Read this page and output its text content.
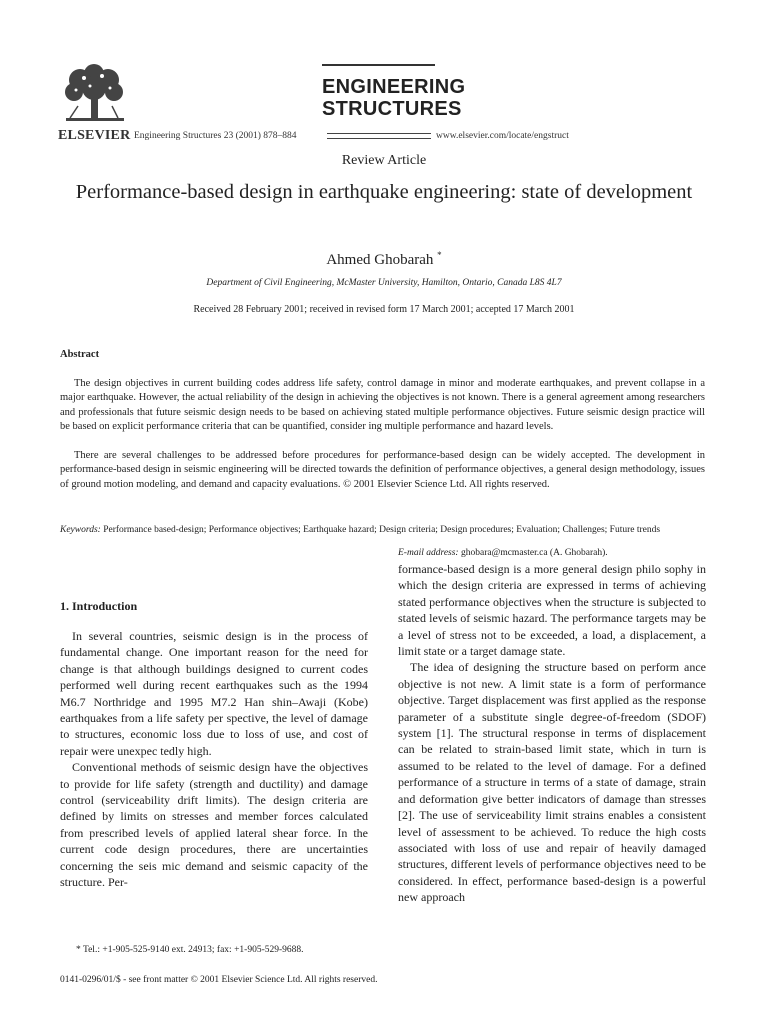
ELSEVIER
ENGINEERING
STRUCTURES
Engineering Structures 23 (2001) 878–884	www.elsevier.com/locate/engstruct
Review Article
Performance-based design in earthquake engineering: state of development
Ahmed Ghobarah *
Department of Civil Engineering, McMaster University, Hamilton, Ontario, Canada L8S 4L7
Received 28 February 2001; received in revised form 17 March 2001; accepted 17 March 2001
Abstract
The design objectives in current building codes address life safety, control damage in minor and moderate earthquakes, and prevent collapse in a major earthquake. However, the actual reliability of the design in achieving the objectives is not known. There is a general agreement among researchers and professionals that future seismic design needs to be based on achieving stated multiple performance objectives. Future seismic design practice will be based on explicit performance criteria that can be quantified, consider ing multiple performance and hazard levels.
There are several challenges to be addressed before procedures for performance-based design can be widely accepted. The development in performance-based design in seismic engineering will be directed towards the definition of performance objectives, a general design methodology, issues of ground motion modeling, and demand and capacity evaluations. © 2001 Elsevier Science Ltd. All rights reserved.
Keywords: Performance based-design; Performance objectives; Earthquake hazard; Design criteria; Design procedures; Evaluation; Challenges; Future trends
1. Introduction

In several countries, seismic design is in the process of fundamental change. One important reason for the need for change is that although buildings designed to current codes performed well during recent earthquakes such as the 1994 M6.7 Northridge and 1995 M7.2 Han shin–Awaji (Kobe) earthquakes from a life safety per spective, the level of damage to structures, economic loss due to loss of use, and cost of repair were unexpec tedly high.

Conventional methods of seismic design have the objectives to provide for life safety (strength and ductility) and damage control (serviceability drift limits). The design criteria are defined by limits on stresses and member forces calculated from prescribed levels of applied lateral shear force. In the current code design procedures, there are uncertainties concerning the seis mic demand and seismic capacity of the structure. Per-

E-mail address: ghobara@mcmaster.ca (A. Ghobarah).

formance-based design is a more general design philo sophy in which the design criteria are expressed in terms of achieving stated performance objectives when the structure is subjected to stated levels of seismic hazard. The performance targets may be a level of stress not to be exceeded, a load, a displacement, a limit state or a target damage state.

The idea of designing the structure based on perform ance objective is not new. A limit state is a form of performance objective. Target displacement was first applied as the response parameter of a substitute single degree-of-freedom (SDOF) system [1]. The structural response in terms of displacement can be related to strain-based limit state, which in turn is assumed to be related to the level of damage. For a defined performance of a structure in terms of a state of damage, strain and deformation give better indicators of damage than stresses [2]. The use of serviceability limit strains enables a consistent level of assessment to be achieved. To reduce the high costs associated with loss of use and repair of heavily damaged structures, different levels of performance objectives need to be considered. In effect, performance based-design is a powerful new approach

* Tel.: +1-905-525-9140 ext. 24913; fax: +1-905-529-9688.
0141-0296/01/$ - see front matter © 2001 Elsevier Science Ltd. All rights reserved.
